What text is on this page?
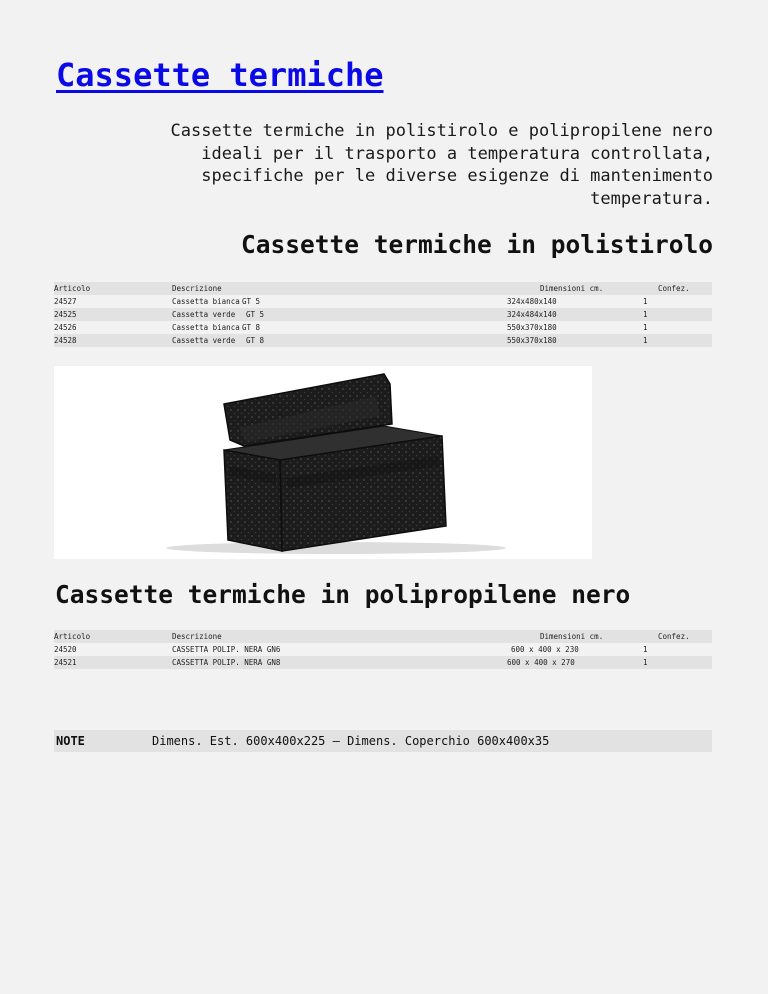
Cassette termiche
Cassette termiche in polistirolo e polipropilene nero ideali per il trasporto a temperatura controllata, specifiche per le diverse esigenze di mantenimento temperatura.
Cassette termiche in polistirolo
Articolo	Descrizione	Dimensioni cm.	Confez.
24527	Cassetta bianca GT 5	324x480x140	1
24525	Cassetta verde GT 5	324x484x140	1
24526	Cassetta bianca GT 8	550x370x180	1
24528	Cassetta verde GT 8	550x370x180	1
Cassette termiche in polipropilene nero
Articolo	Descrizione	Dimensioni cm.	Confez.
24520	CASSETTA POLIP. NERA GN6	600 x 400 x 230	1
24521	CASSETTA POLIP. NERA GN8	600 x 400 x 270	1
NOTE	Dimens. Est. 600x400x225 – Dimens. Coperchio 600x400x35
